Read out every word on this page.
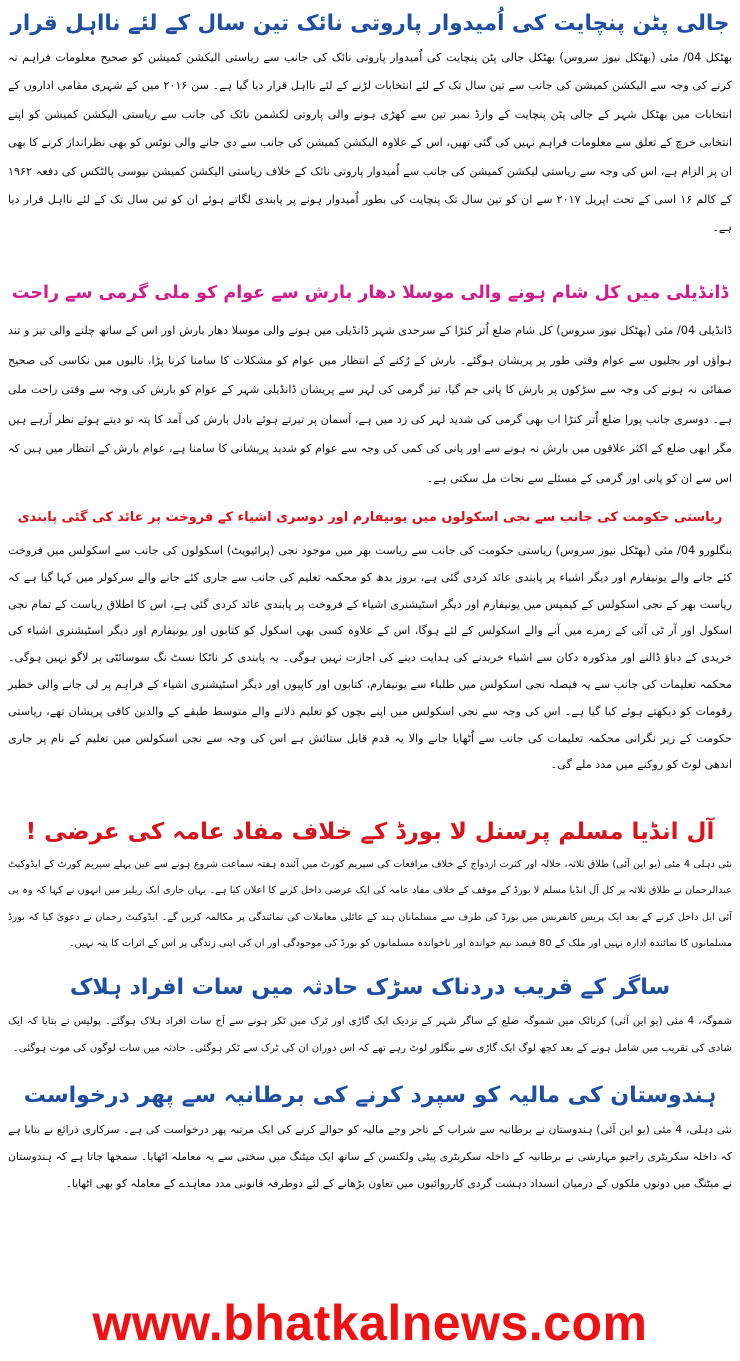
جالی پٹن پنچایت کی اُمیدوار پاروتی نائک تین سال کے لئے نااہل قرار

بھٹکل 04/ مئی (بھٹکل نیوز سروس) بھٹکل جالی پٹن پنچایت کی اُمیدوار پاروتی نائک کی جانب سے ریاستی الیکشن کمیشن کو صحیح معلومات فراہم نہ کرنے کی وجہ سے الیکشن کمیشن کی جانب سے تین سال تک کے لئے انتخابات لڑنے کے لئے نااہل قرار دیا گیا ہے۔ سن ۲۰۱۶ میں کے شہری مقامی اداروں کے انتخابات میں بھٹکل شہر کے جالی پٹن پنچایت کے وارڈ نمبر تین سے کھڑی ہونے والی پاروتی لکشمن نائک کی جانب سے ریاستی الیکشن کمیشن کو اپنے انتخابی خرچ کے تعلق سے معلومات فراہم نہیں کی گئی تھیں، اس کے علاوہ الیکشن کمیشن کی جانب سے دی جانے والی نوٹس کو بھی نظرانداز کرنے کا بھی ان پر الزام ہے، اس کی وجہ سے ریاستی لیکشن کمیشن کی جانب سے اُمیدوار پاروتی نائک کے خلاف ریاستی الیکشن کمیشن نیوسی پالٹکس کی دفعہ ۱۹۶۲ کے کالم ۱۶ اسی کے تحت اپریل ۲۰۱۷ سے ان کو تین سال تک پنچایت کی بطور اُمیدوار ہونے پر پابندی لگاتے ہوئے ان کو تین سال تک کے لئے نااہل قرار دیا ہے۔

ڈانڈیلی میں کل شام ہونے والی موسلا دھار بارش سے عوام کو ملی گرمی سے راحت

ڈانڈیلی 04/ مئی (بھٹکل نیوز سروس) کل شام ضلع اُتر کنڑا کے سرحدی شہر ڈانڈیلی میں ہونے والی موسلا دھار بارش اور اس کے ساتھ چلنے والی تیز و تند ہواؤں اور بجلیوں سے عوام وقتی طور پر پریشان ہوگئے۔ بارش کے رُکنے کے انتظار میں عوام کو مشکلات کا سامنا کرنا پڑا، نالیوں میں نکاسی کی صحیح صفائی نہ ہونے کی وجہ سے سڑکوں پر بارش کا پانی جم گیا، تیز گرمی کی لہر سے پریشان ڈانڈیلی شہر کے عوام کو بارش کی وجہ سے وقتی راحت ملی ہے۔ دوسری جانب پورا ضلع اُتر کنڑا اب بھی گرمی کی شدید لہر کی زد میں ہے، آسمان پر تیرتے ہوئے بادل بارش کی آمد کا پتہ تو دیتے ہوئے نظر آرہے ہیں مگر ابھی ضلع کے اکثر علاقوں میں بارش نہ ہونے سے اور پانی کی کمی کی وجہ سے عوام کو شدید پریشانی کا سامنا ہے، عوام بارش کے انتظار میں ہیں کہ اس سے ان کو پانی اور گرمی کے مسئلے سے نجات مل سکتی ہے۔

ریاستی حکومت کی جانب سے نجی اسکولوں میں یونیفارم اور دوسری اشیاء کے فروخت پر عائد کی گئی پابندی

بنگلورو 04/ مئی (بھٹکل نیوز سروس) ریاستی حکومت کی جانب سے ریاست بھر میں موجود نجی (پرائیویٹ) اسکولوں کی جانب سے اسکولس میں فروخت کئے جانے والے یونیفارم اور دیگر اشیاء پر پابندی عائد کردی گئی ہے، بروز بدھ کو محکمہ تعلیم کی جانب سے جاری کئے جانے والے سرکولر میں کہا گیا ہے کہ ریاست بھر کے نجی اسکولس کے کیمپس میں یونیفارم اور دیگر اسٹیشنری اشیاء کے فروخت پر پابندی عائد کردی گئی ہے، اس کا اطلاق ریاست کے تمام نجی اسکول اور آر ٹی آئی کے زمرے میں آنے والے اسکولس کے لئے ہوگا، اس کے علاوہ کسی بھی اسکول کو کتابوں اور یونیفارم اور دیگر اسٹیشنری اشیاء کی خریدی کے دباؤ ڈالنے اور مذکورہ دکان سے اشیاء خریدنے کی ہدایت دینے کی اجازت نہیں ہوگی۔ یہ پابندی کر ناٹکا نسٹ نگ سوسائٹی پر لاگو نہیں ہوگی۔ محکمہ تعلیمات کی جانب سے یہ فیصلہ نجی اسکولس میں طلباء سے یونیفارم، کتابوں اور کاپیوں اور دیگر اسٹیشنری اشیاء کے فراہم پر لی جانے والی خطیر رقومات کو دیکھتے ہوئے کیا گیا ہے۔ اس کی وجہ سے نجی اسکولس میں اپنے بچوں کو تعلیم دلانے والے متوسط طبقے کے والدین کافی پریشان تھے، ریاستی حکومت کے زیر نگرانی محکمہ تعلیمات کی جانب سے اُٹھایا جانے والا یہ قدم قابل ستائش ہے اس کی وجہ سے نجی اسکولس میں تعلیم کے نام پر جاری اندھی لوٹ کو روکنے میں مدد ملے گی۔

آل انڈیا مسلم پرسنل لا بورڈ کے خلاف مفاد عامہ کی عرضی !

نئی دہلی 4 مئی (یو این آئی) طلاق ثلاثہ، حلالہ اور کثرت ازدواج کے خلاف مرافعات کی سپریم کورٹ میں آئندہ ہفتہ سماعت شروع ہونے سے عین پہلے سپریم کورٹ کے ایڈوکیٹ عبدالرحمان نے طلاق ثلاثہ پر کل آل انڈیا مسلم لا بورڈ کے موقف کے خلاف مفاد عامہ کی ایک عرضی داخل کرنے کا اعلان کیا ہے۔ یہاں جاری ایک ریلیز میں انہوں نے کہا کہ وہ پی آئی ایل داخل کرنے کے بعد ایک پریس کانفرنس میں بورڈ کی طرف سے مسلمانان ہند کے عائلی معاملات کی نمائندگی پر مکالمہ کریں گے۔ ایڈوکیٹ رحمان نے دعویٰ کیا کہ بورڈ مسلمانوں کا نمائندہ ادارہ نہیں اور ملک کے 80 فیصد نیم خواندہ اور ناخواندہ مسلمانوں کو بورڈ کی موجودگی اور ان کی اپنی زندگی پر اس کے اثرات کا پتہ نہیں۔

ساگر کے قریب دردناک سڑک حادثہ میں سات افراد ہلاک

شموگہ، 4 مئی (یو این آئی) کرناٹک میں شموگہ ضلع کے ساگر شہر کے نزدیک ایک گاڑی اور ٹرک میں ٹکر ہونے سے آج سات افراد ہلاک ہوگئے۔ پولیس نے بتایا کہ ایک شادی کی تقریب میں شامل ہونے کے بعد کچھ لوگ ایک گاڑی سے بنگلور لوٹ رہے تھے کہ اس دوران ان کی ٹرک سے ٹکر ہوگئی۔ حادثہ میں سات لوگوں کی موت ہوگئی۔

ہندوستان کی مالیہ کو سپرد کرنے کی برطانیہ سے پھر درخواست

نئی دہلی، 4 مئی (یو این آئی) ہندوستان نے برطانیہ سے شراب کے تاجر وجے مالیہ کو حوالے کرنے کی ایک مرتبہ پھر درخواست کی ہے۔ سرکاری ذرائع نے بتایا ہے کہ داخلہ سکریٹری راجیو مہارشی نے برطانیہ کے داخلہ سکریٹری پیٹی ولکنسن کے ساتھ ایک میٹنگ میں سختی سے یہ معاملہ اٹھایا۔ سمجھا جاتا ہے کہ ہندوستان نے میٹنگ میں دونوں ملکوں کے درمیان انسداد دہشت گردی کارروائیوں میں تعاون بڑھانے کے لئے دوطرفہ قانونی مدد معاہدے کے معاملہ کو بھی اٹھایا۔

www.bhatkalnews.com
